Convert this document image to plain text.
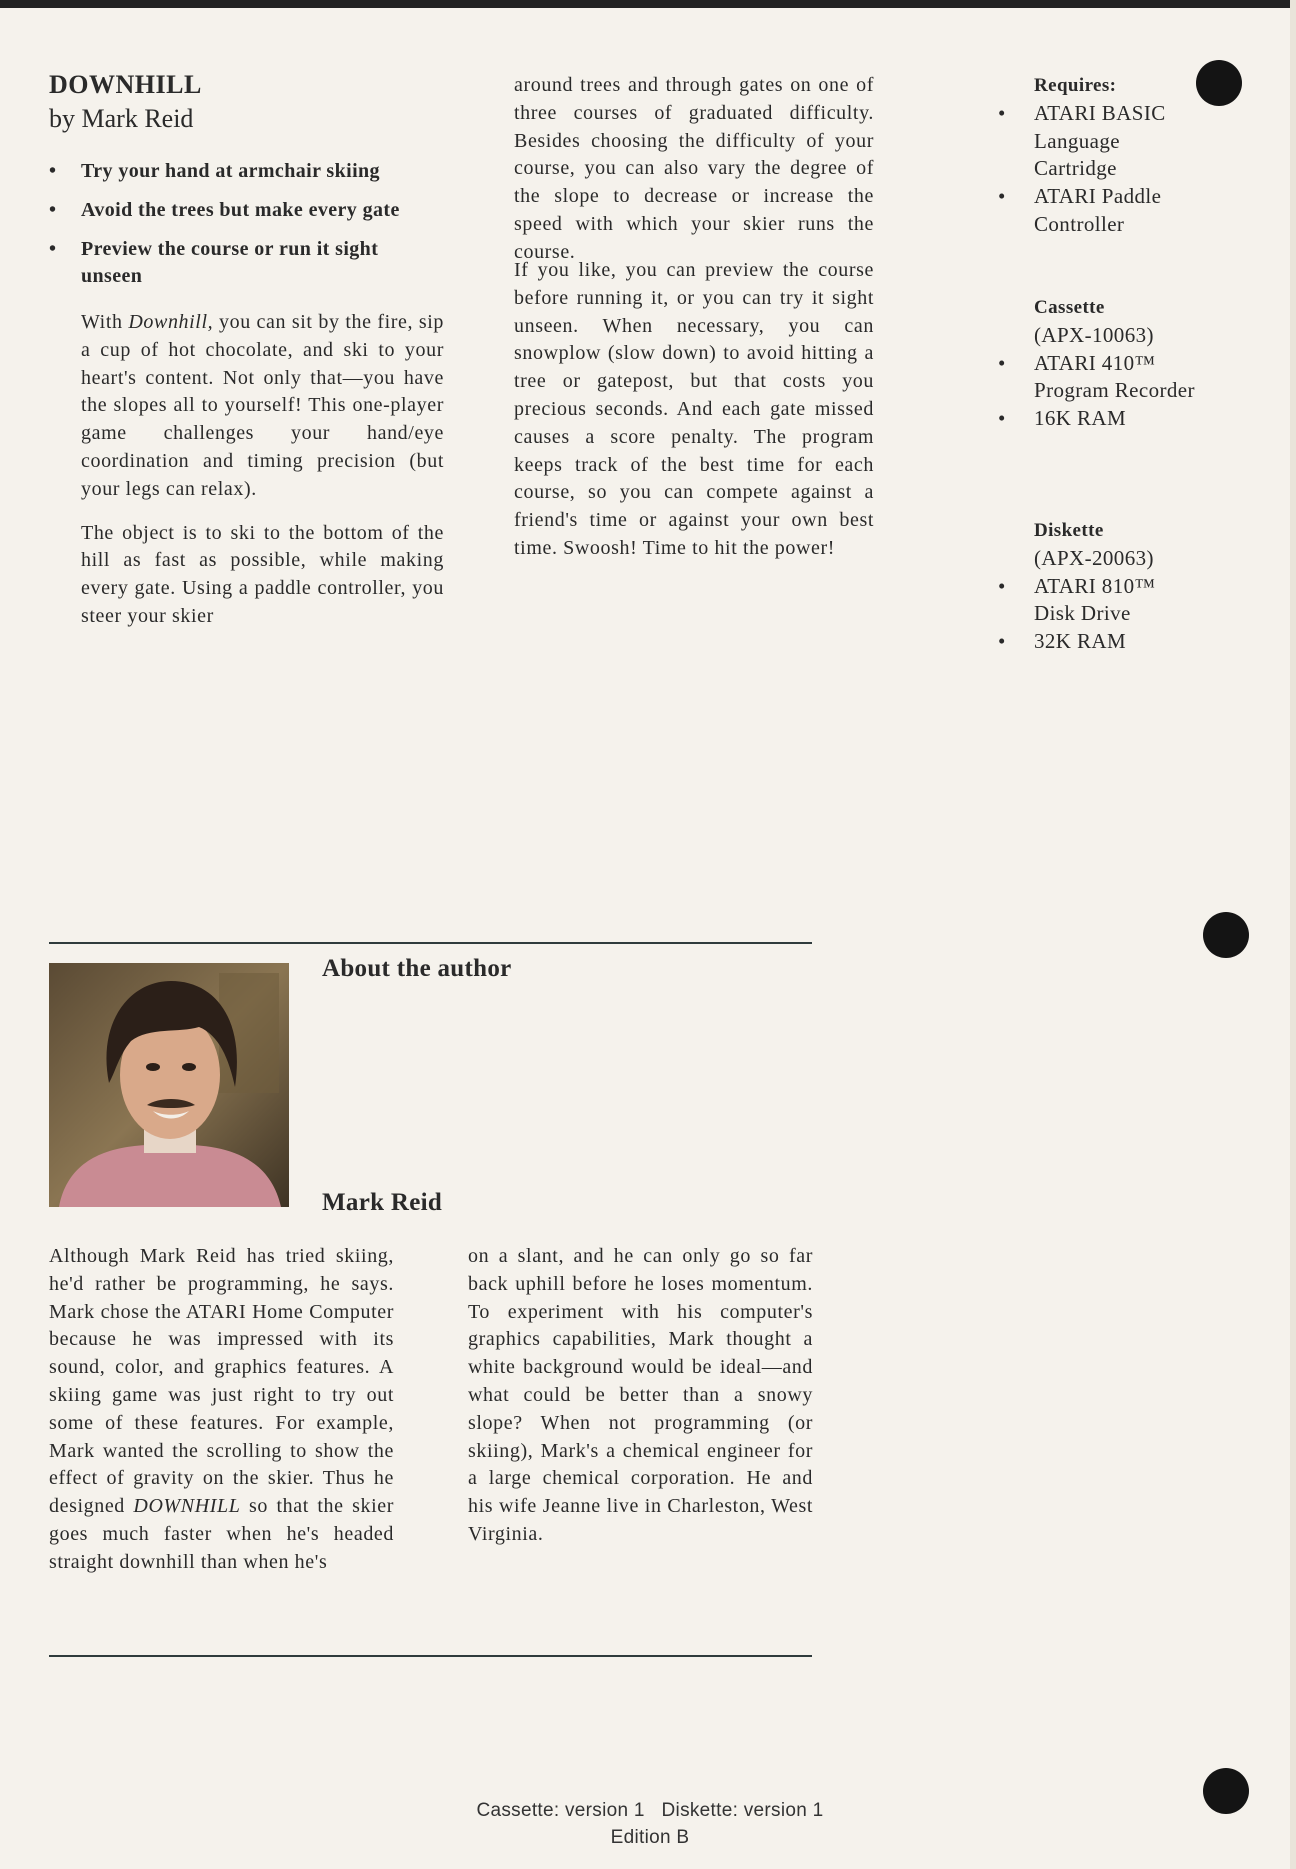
DOWNHILL
by Mark Reid
• Try your hand at armchair skiing
• Avoid the trees but make every gate
• Preview the course or run it sight unseen

With Downhill, you can sit by the fire, sip a cup of hot chocolate, and ski to your heart's content. Not only that—you have the slopes all to yourself! This one-player game challenges your hand/eye coordination and timing precision (but your legs can relax).

The object is to ski to the bottom of the hill as fast as possible, while making every gate. Using a paddle controller, you steer your skier

around trees and through gates on one of three courses of graduated difficulty. Besides choosing the difficulty of your course, you can also vary the degree of the slope to decrease or increase the speed with which your skier runs the course.

If you like, you can preview the course before running it, or you can try it sight unseen. When necessary, you can snowplow (slow down) to avoid hitting a tree or gatepost, but that costs you precious seconds. And each gate missed causes a score penalty. The program keeps track of the best time for each course, so you can compete against a friend's time or against your own best time. Swoosh! Time to hit the power!

Requires:
• ATARI BASIC
Language Cartridge
• ATARI Paddle
Controller
Cassette
(APX-10063)
• ATARI 410™
Program Recorder
• 16K RAM
Diskette
(APX-20063)
• ATARI 810™
Disk Drive
• 32K RAM
About the author
Mark Reid

Although Mark Reid has tried skiing, he'd rather be programming, he says. Mark chose the ATARI Home Computer because he was impressed with its sound, color, and graphics features. A skiing game was just right to try out some of these features. For example, Mark wanted the scrolling to show the effect of gravity on the skier. Thus he designed DOWNHILL so that the skier goes much faster when he's headed straight downhill than when he's

on a slant, and he can only go so far back uphill before he loses momentum. To experiment with his computer's graphics capabilities, Mark thought a white background would be ideal—and what could be better than a snowy slope? When not programming (or skiing), Mark's a chemical engineer for a large chemical corporation. He and his wife Jeanne live in Charleston, West Virginia.

Cassette: version 1   Diskette: version 1
Edition B
